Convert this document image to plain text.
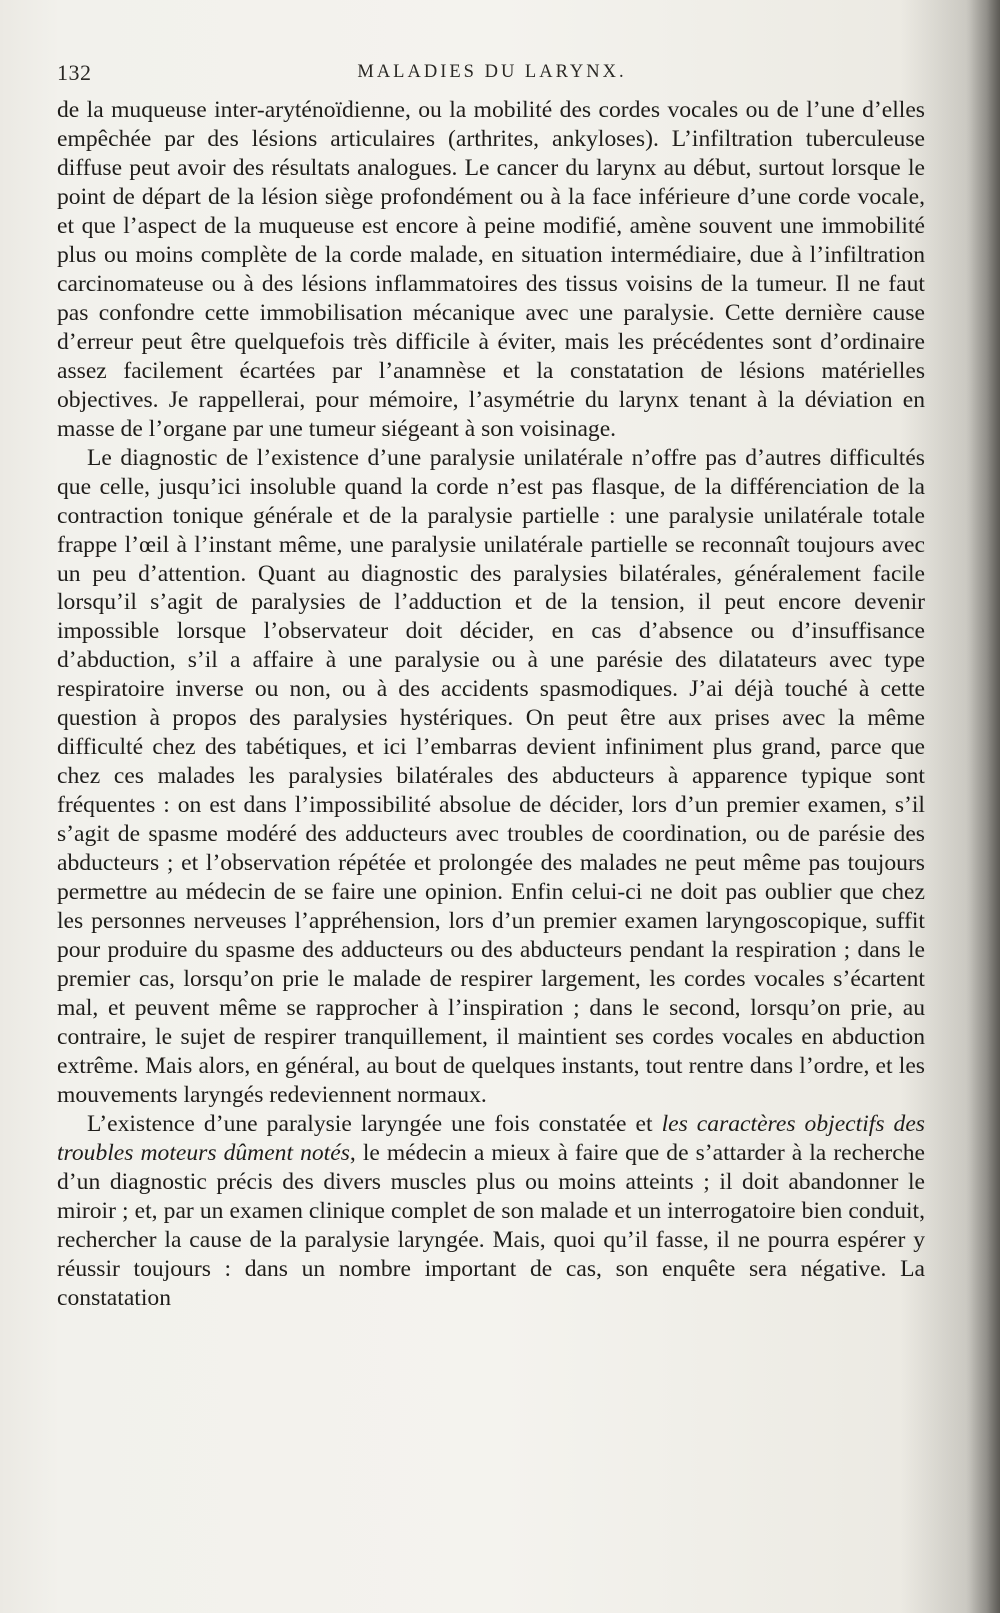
132	MALADIES DU LARYNX.

de la muqueuse inter-aryténoïdienne, ou la mobilité des cordes vocales ou de l’une d’elles empêchée par des lésions articulaires (arthrites, ankyloses). L’infiltration tuberculeuse diffuse peut avoir des résultats analogues. Le cancer du larynx au début, surtout lorsque le point de départ de la lésion siège profondément ou à la face inférieure d’une corde vocale, et que l’aspect de la muqueuse est encore à peine modifié, amène souvent une immobilité plus ou moins complète de la corde malade, en situation intermédiaire, due à l’infiltration carcinomateuse ou à des lésions inflammatoires des tissus voisins de la tumeur. Il ne faut pas confondre cette immobilisation mécanique avec une paralysie. Cette dernière cause d’erreur peut être quelquefois très difficile à éviter, mais les précédentes sont d’ordinaire assez facilement écartées par l’anamnèse et la constatation de lésions matérielles objectives. Je rappellerai, pour mémoire, l’asymétrie du larynx tenant à la déviation en masse de l’organe par une tumeur siégeant à son voisinage.

Le diagnostic de l’existence d’une paralysie unilatérale n’offre pas d’autres difficultés que celle, jusqu’ici insoluble quand la corde n’est pas flasque, de la différenciation de la contraction tonique générale et de la paralysie partielle : une paralysie unilatérale totale frappe l’œil à l’instant même, une paralysie unilatérale partielle se reconnaît toujours avec un peu d’attention. Quant au diagnostic des paralysies bilatérales, généralement facile lorsqu’il s’agit de paralysies de l’adduction et de la tension, il peut encore devenir impossible lorsque l’observateur doit décider, en cas d’absence ou d’insuffisance d’abduction, s’il a affaire à une paralysie ou à une parésie des dilatateurs avec type respiratoire inverse ou non, ou à des accidents spasmodiques. J’ai déjà touché à cette question à propos des paralysies hystériques. On peut être aux prises avec la même difficulté chez des tabétiques, et ici l’embarras devient infiniment plus grand, parce que chez ces malades les paralysies bilatérales des abducteurs à apparence typique sont fréquentes : on est dans l’impossibilité absolue de décider, lors d’un premier examen, s’il s’agit de spasme modéré des adducteurs avec troubles de coordination, ou de parésie des abducteurs ; et l’observation répétée et prolongée des malades ne peut même pas toujours permettre au médecin de se faire une opinion. Enfin celui-ci ne doit pas oublier que chez les personnes nerveuses l’appréhension, lors d’un premier examen laryngoscopique, suffit pour produire du spasme des adducteurs ou des abducteurs pendant la respiration ; dans le premier cas, lorsqu’on prie le malade de respirer largement, les cordes vocales s’écartent mal, et peuvent même se rapprocher à l’inspiration ; dans le second, lorsqu’on prie, au contraire, le sujet de respirer tranquillement, il maintient ses cordes vocales en abduction extrême. Mais alors, en général, au bout de quelques instants, tout rentre dans l’ordre, et les mouvements laryngés redeviennent normaux.

L’existence d’une paralysie laryngée une fois constatée et les caractères objectifs des troubles moteurs dûment notés, le médecin a mieux à faire que de s’attarder à la recherche d’un diagnostic précis des divers muscles plus ou moins atteints ; il doit abandonner le miroir ; et, par un examen clinique complet de son malade et un interrogatoire bien conduit, rechercher la cause de la paralysie laryngée. Mais, quoi qu’il fasse, il ne pourra espérer y réussir toujours : dans un nombre important de cas, son enquête sera négative. La constatation
